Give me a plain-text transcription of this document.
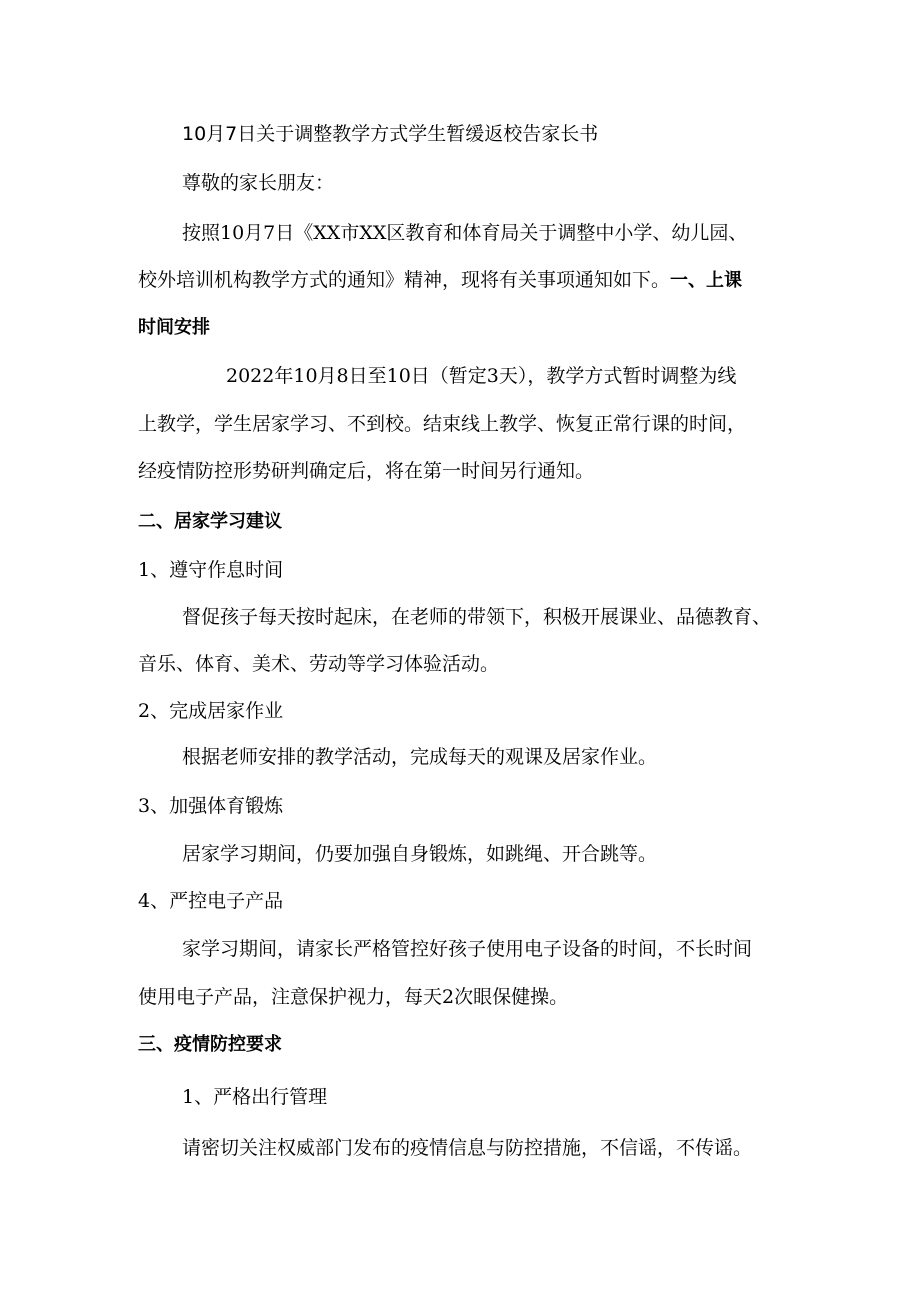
10月7日关于调整教学方式学生暂缓返校告家长书

尊敬的家长朋友：

按照10月7日《XX市XX区教育和体育局关于调整中小学、幼儿园、

校外培训机构教学方式的通知》精神，现将有关事项通知如下。一、上课

时间安排

2022年10月8日至10日（暂定3天），教学方式暂时调整为线

上教学，学生居家学习、不到校。结束线上教学、恢复正常行课的时间，

经疫情防控形势研判确定后，将在第一时间另行通知。

二、居家学习建议

1、遵守作息时间

督促孩子每天按时起床，在老师的带领下，积极开展课业、品德教育、

音乐、体育、美术、劳动等学习体验活动。

2、完成居家作业

根据老师安排的教学活动，完成每天的观课及居家作业。

3、加强体育锻炼

居家学习期间，仍要加强自身锻炼，如跳绳、开合跳等。

4、严控电子产品

家学习期间，请家长严格管控好孩子使用电子设备的时间，不长时间

使用电子产品，注意保护视力，每天2次眼保健操。

三、疫情防控要求

1、严格出行管理

请密切关注权威部门发布的疫情信息与防控措施，不信谣，不传谣。
